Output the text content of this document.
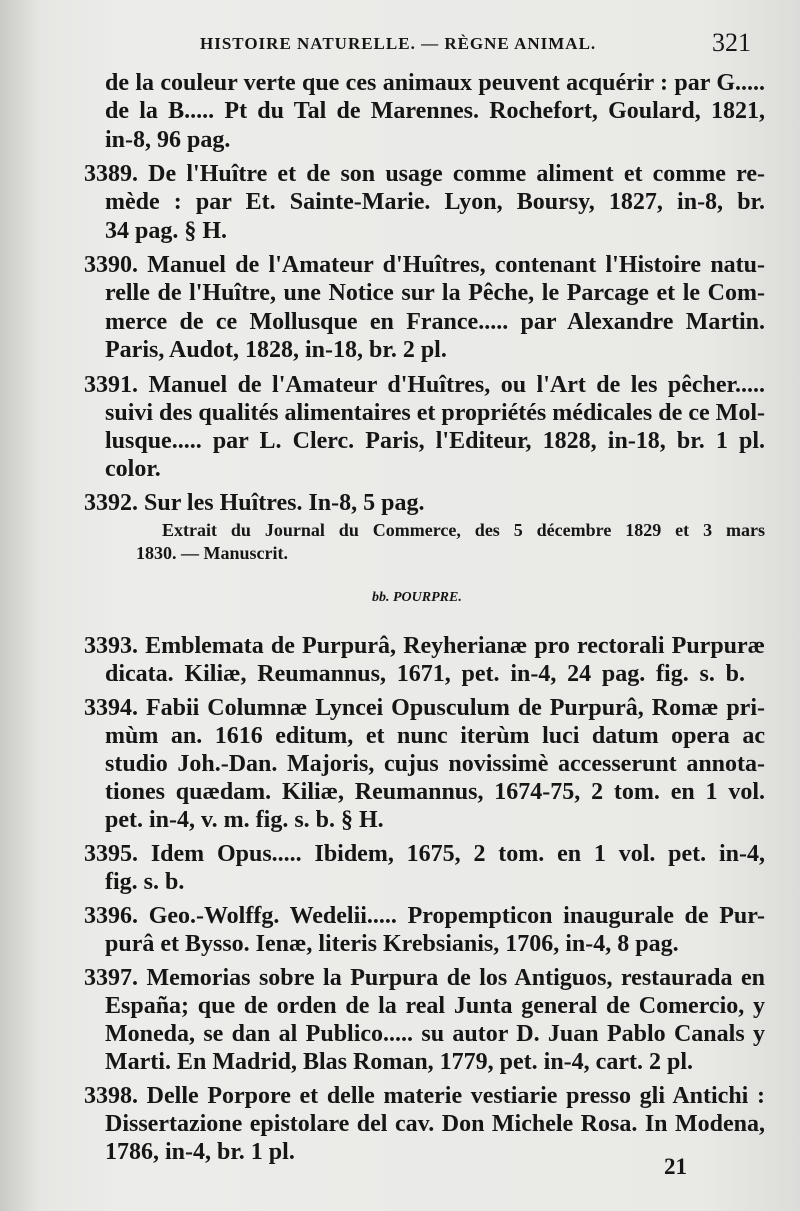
HISTOIRE NATURELLE. — RÈGNE ANIMAL.	321
de la couleur verte que ces animaux peuvent acquérir : par G.....
de la B..... Pt du Tal de Marennes. Rochefort, Goulard, 1821,
in-8, 96 pag.
3389. De l'Huître et de son usage comme aliment et comme re-
mède : par Et. Sainte-Marie. Lyon, Boursy, 1827, in-8, br.
34 pag. § H.
3390. Manuel de l'Amateur d'Huîtres, contenant l'Histoire natu-
relle de l'Huître, une Notice sur la Pêche, le Parcage et le Com-
merce de ce Mollusque en France..... par Alexandre Martin.
Paris, Audot, 1828, in-18, br. 2 pl.
3391. Manuel de l'Amateur d'Huîtres, ou l'Art de les pêcher.....
suivi des qualités alimentaires et propriétés médicales de ce Mol-
lusque..... par L. Clerc. Paris, l'Editeur, 1828, in-18, br. 1 pl.
color.
3392. Sur les Huîtres. In-8, 5 pag.
Extrait du Journal du Commerce, des 5 décembre 1829 et 3 mars
1830. — Manuscrit.
bb. POURPRE.
3393. Emblemata de Purpurâ, Reyherianæ pro rectorali Purpuræ
dicata. Kiliæ, Reumannus, 1671, pet. in-4, 24 pag. fig. s. b.
3394. Fabii Columnæ Lyncei Opusculum de Purpurâ, Romæ pri-
mùm an. 1616 editum, et nunc iterùm luci datum opera ac
studio Joh.-Dan. Majoris, cujus novissimè accesserunt annota-
tiones quædam. Kiliæ, Reumannus, 1674-75, 2 tom. en 1 vol.
pet. in-4, v. m. fig. s. b. § H.
3395. Idem Opus..... Ibidem, 1675, 2 tom. en 1 vol. pet. in-4,
fig. s. b.
3396. Geo.-Wolffg. Wedelii..... Propempticon inaugurale de Pur-
purâ et Bysso. Ienæ, literis Krebsianis, 1706, in-4, 8 pag.
3397. Memorias sobre la Purpura de los Antiguos, restaurada en
España; que de orden de la real Junta general de Comercio, y
Moneda, se dan al Publico..... su autor D. Juan Pablo Canals y
Marti. En Madrid, Blas Roman, 1779, pet. in-4, cart. 2 pl.
3398. Delle Porpore et delle materie vestiarie presso gli Antichi :
Dissertazione epistolare del cav. Don Michele Rosa. In Modena,
1786, in-4, br. 1 pl.
21
